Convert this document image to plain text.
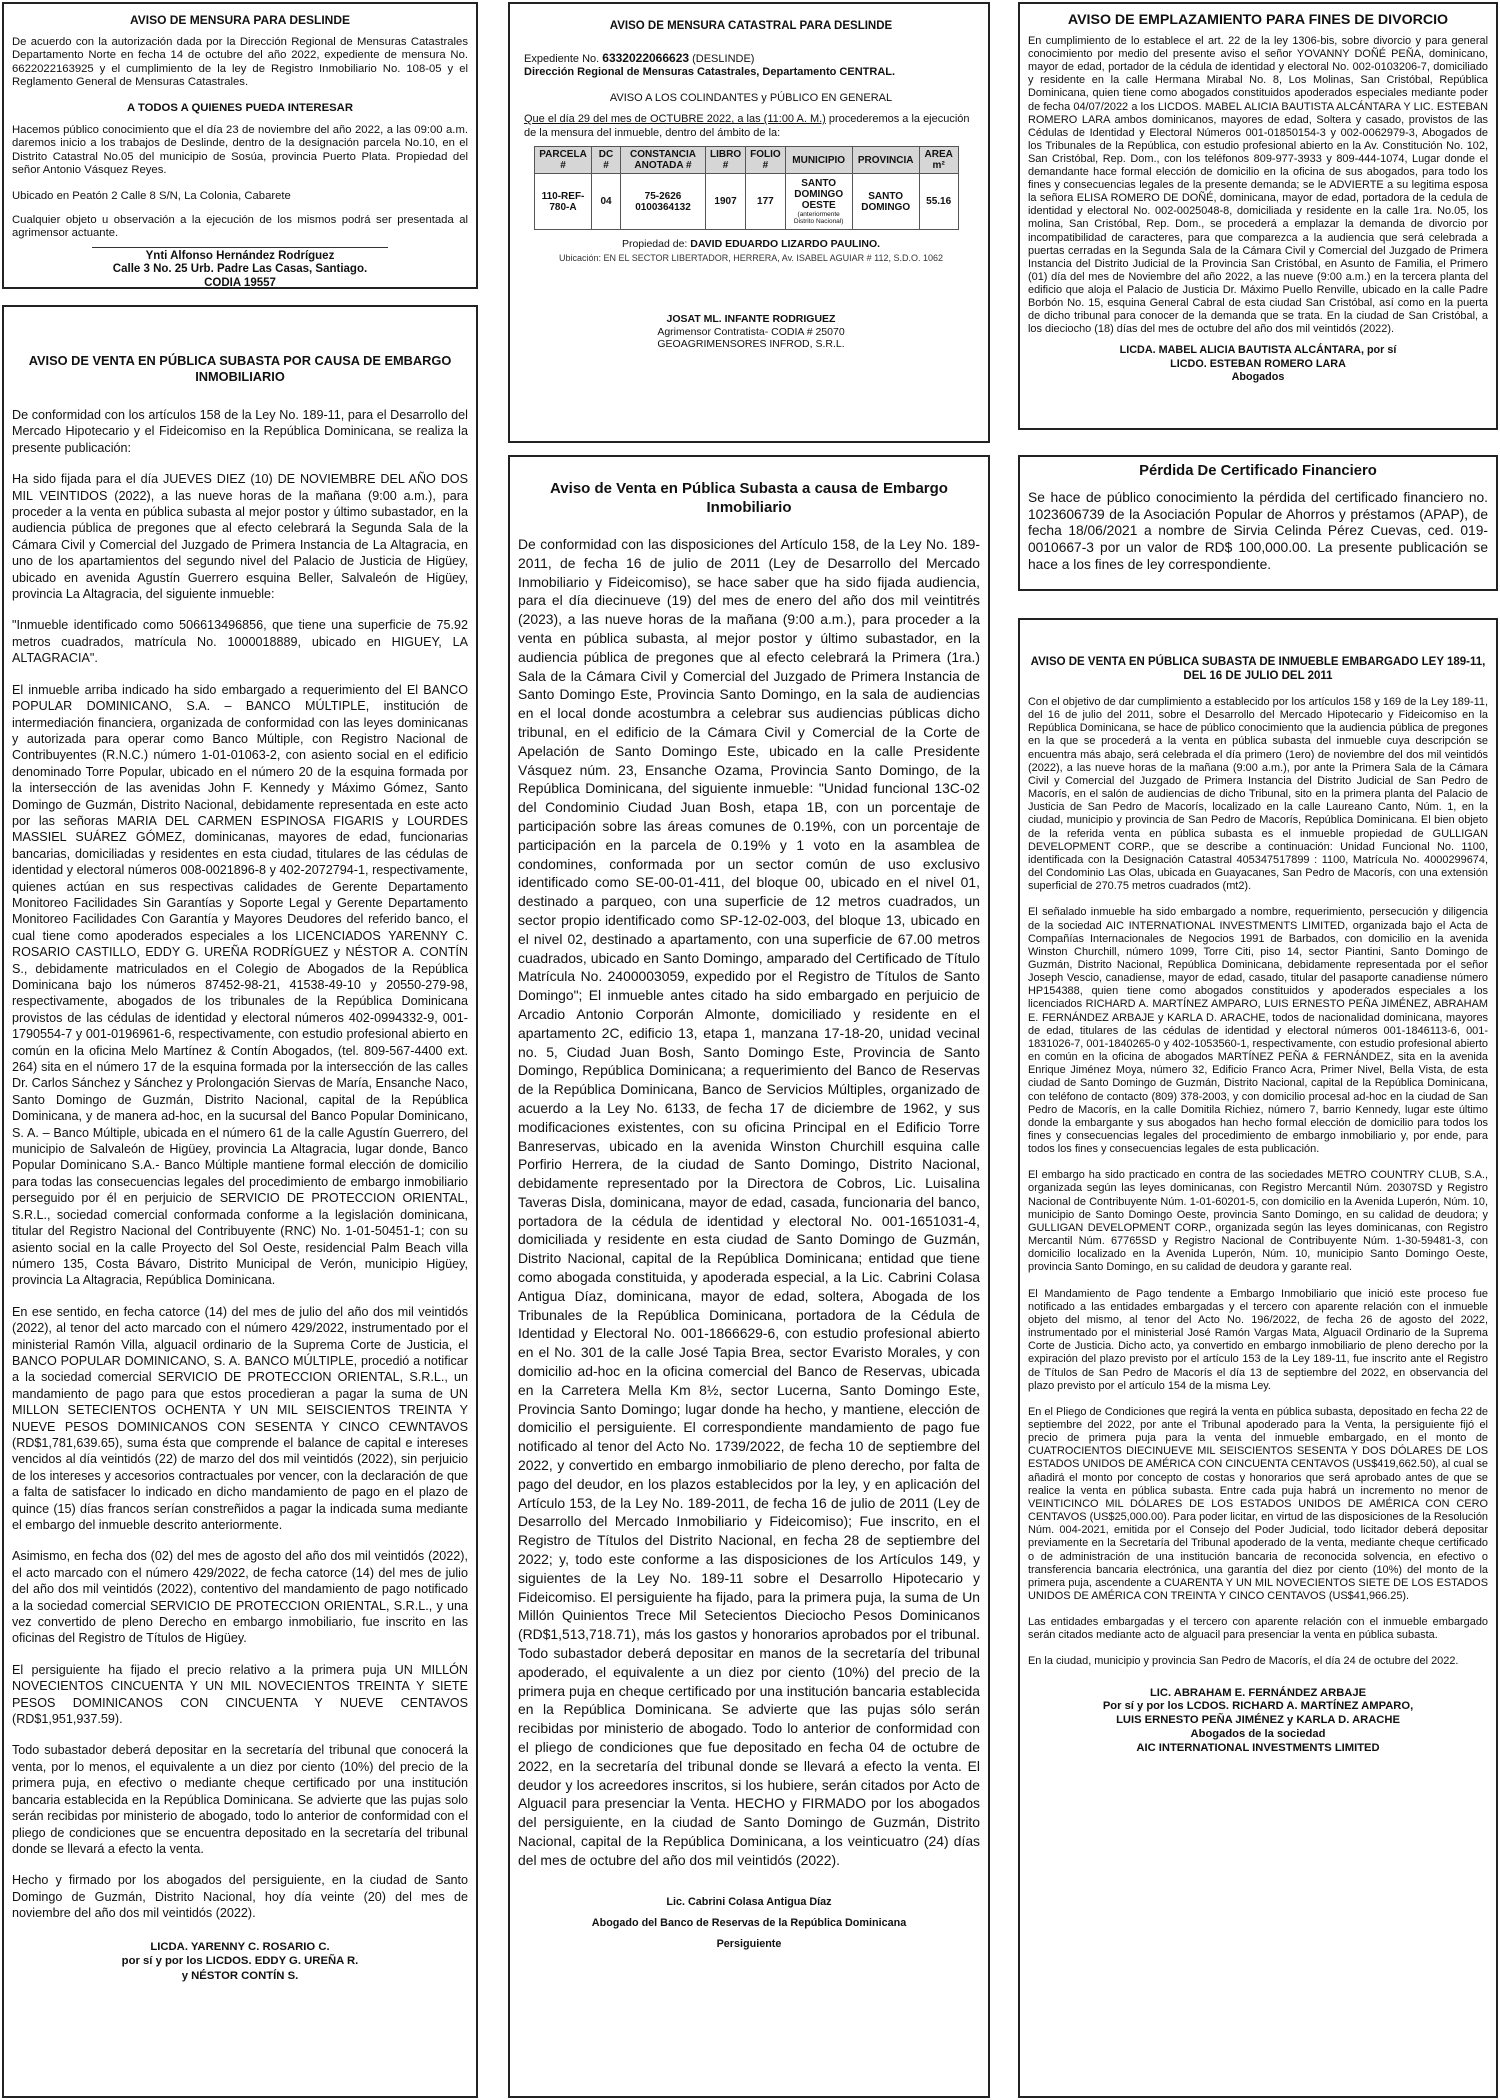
AVISO DE MENSURA PARA DESLINDE

De acuerdo con la autorización dada por la Dirección Regional de Mensuras Catastrales Departamento Norte en fecha 14 de octubre del año 2022, expediente de mensura No. 6622022163925 y el cumplimiento de la ley de Registro Inmobiliario No. 108-05 y el Reglamento General de Mensuras Catastrales.

A TODOS A QUIENES PUEDA INTERESAR

Hacemos público conocimiento que el día 23 de noviembre del año 2022, a las 09:00 a.m. daremos inicio a los trabajos de Deslinde, dentro de la designación parcela No.10, en el Distrito Catastral No.05 del municipio de Sosúa, provincia Puerto Plata. Propiedad del señor Antonio Vásquez Reyes.

Ubicado en Peatón 2 Calle 8 S/N, La Colonia, Cabarete

Cualquier objeto u observación a la ejecución de los mismos podrá ser presentada al agrimensor actuante.

Ynti Alfonso Hernández Rodríguez
Calle 3 No. 25 Urb. Padre Las Casas, Santiago.
CODIA 19557
AVISO DE VENTA EN PÚBLICA SUBASTA POR CAUSA DE EMBARGO INMOBILIARIO

De conformidad con los artículos 158 de la Ley No. 189-11, para el Desarrollo del Mercado Hipotecario y el Fideicomiso en la República Dominicana, se realiza la presente publicación:

Ha sido fijada para el día JUEVES DIEZ (10) DE NOVIEMBRE DEL AÑO DOS MIL VEINTIDOS (2022), a las nueve horas de la mañana (9:00 a.m.), para proceder a la venta en pública subasta al mejor postor y último subastador, en la audiencia pública de pregones que al efecto celebrará la Segunda Sala de la Cámara Civil y Comercial del Juzgado de Primera Instancia de La Altagracia, en uno de los apartamientos del segundo nivel del Palacio de Justicia de Higüey, ubicado en avenida Agustín Guerrero esquina Beller, Salvaleón de Higüey, provincia La Altagracia, del siguiente inmueble:

"Inmueble identificado como 506613496856, que tiene una superficie de 75.92 metros cuadrados, matrícula No. 1000018889, ubicado en HIGUEY, LA ALTAGRACIA".

El inmueble arriba indicado ha sido embargado a requerimiento del El BANCO POPULAR DOMINICANO, S.A. – BANCO MÚLTIPLE, institución de intermediación financiera, organizada de conformidad con las leyes dominicanas y autorizada para operar como Banco Múltiple, con Registro Nacional de Contribuyentes (R.N.C.) número 1-01-01063-2, con asiento social en el edificio denominado Torre Popular, ubicado en el número 20 de la esquina formada por la intersección de las avenidas John F. Kennedy y Máximo Gómez, Santo Domingo de Guzmán, Distrito Nacional, debidamente representada en este acto por las señoras MARIA DEL CARMEN ESPINOSA FIGARIS y LOURDES MASSIEL SUÁREZ GÓMEZ, dominicanas, mayores de edad, funcionarias bancarias, domiciliadas y residentes en esta ciudad, titulares de las cédulas de identidad y electoral números 008-0021896-8 y 402-2072794-1, respectivamente, quienes actúan en sus respectivas calidades de Gerente Departamento Monitoreo Facilidades Sin Garantías y Soporte Legal y Gerente Departamento Monitoreo Facilidades Con Garantía y Mayores Deudores del referido banco, el cual tiene como apoderados especiales a los LICENCIADOS YARENNY C. ROSARIO CASTILLO, EDDY G. UREÑA RODRÍGUEZ y NÉSTOR A. CONTÍN S., debidamente matriculados en el Colegio de Abogados de la República Dominicana bajo los números 87452-98-21, 41538-49-10 y 20550-279-98, respectivamente, abogados de los tribunales de la República Dominicana provistos de las cédulas de identidad y electoral números 402-0994332-9, 001-1790554-7 y 001-0196961-6, respectivamente, con estudio profesional abierto en común en la oficina Melo Martínez & Contín Abogados, (tel. 809-567-4400 ext. 264) sita en el número 17 de la esquina formada por la intersección de las calles Dr. Carlos Sánchez y Sánchez y Prolongación Siervas de María, Ensanche Naco, Santo Domingo de Guzmán, Distrito Nacional, capital de la República Dominicana, y de manera ad-hoc, en la sucursal del Banco Popular Dominicano, S. A. – Banco Múltiple, ubicada en el número 61 de la calle Agustín Guerrero, del municipio de Salvaleón de Higüey, provincia La Altagracia, lugar donde, Banco Popular Dominicano S.A.- Banco Múltiple mantiene formal elección de domicilio para todas las consecuencias legales del procedimiento de embargo inmobiliario perseguido por él en perjuicio de SERVICIO DE PROTECCION ORIENTAL, S.R.L., sociedad comercial conformada conforme a la legislación dominicana, titular del Registro Nacional del Contribuyente (RNC) No. 1-01-50451-1; con su asiento social en la calle Proyecto del Sol Oeste, residencial Palm Beach villa número 135, Costa Bávaro, Distrito Municipal de Verón, municipio Higüey, provincia La Altagracia, República Dominicana.

En ese sentido, en fecha catorce (14) del mes de julio del año dos mil veintidós (2022), al tenor del acto marcado con el número 429/2022, instrumentado por el ministerial Ramón Villa, alguacil ordinario de la Suprema Corte de Justicia, el BANCO POPULAR DOMINICANO, S. A. BANCO MÚLTIPLE, procedió a notificar a la sociedad comercial SERVICIO DE PROTECCION ORIENTAL, S.R.L., un mandamiento de pago para que estos procedieran a pagar la suma de UN MILLON SETECIENTOS OCHENTA Y UN MIL SEISCIENTOS TREINTA Y NUEVE PESOS DOMINICANOS CON SESENTA Y CINCO CEWNTAVOS (RD$1,781,639.65), suma ésta que comprende el balance de capital e intereses vencidos al día veintidós (22) de marzo del dos mil veintidós (2022), sin perjuicio de los intereses y accesorios contractuales por vencer, con la declaración de que a falta de satisfacer lo indicado en dicho mandamiento de pago en el plazo de quince (15) días francos serían constreñidos a pagar la indicada suma mediante el embargo del inmueble descrito anteriormente.

Asimismo, en fecha dos (02) del mes de agosto del año dos mil veintidós (2022), el acto marcado con el número 429/2022, de fecha catorce (14) del mes de julio del año dos mil veintidós (2022), contentivo del mandamiento de pago notificado a la sociedad comercial SERVICIO DE PROTECCION ORIENTAL, S.R.L., y una vez convertido de pleno Derecho en embargo inmobiliario, fue inscrito en las oficinas del Registro de Títulos de Higüey.

El persiguiente ha fijado el precio relativo a la primera puja UN MILLÓN NOVECIENTOS CINCUENTA Y UN MIL NOVECIENTOS TREINTA Y SIETE PESOS DOMINICANOS CON CINCUENTA Y NUEVE CENTAVOS (RD$1,951,937.59).

Todo subastador deberá depositar en la secretaría del tribunal que conocerá la venta, por lo menos, el equivalente a un diez por ciento (10%) del precio de la primera puja, en efectivo o mediante cheque certificado por una institución bancaria establecida en la República Dominicana. Se advierte que las pujas solo serán recibidas por ministerio de abogado, todo lo anterior de conformidad con el pliego de condiciones que se encuentra depositado en la secretaría del tribunal donde se llevará a efecto la venta.

Hecho y firmado por los abogados del persiguiente, en la ciudad de Santo Domingo de Guzmán, Distrito Nacional, hoy día veinte (20) del mes de noviembre del año dos mil veintidós (2022).

LICDA. YARENNY C. ROSARIO C.
por sí y por los LICDOS. EDDY G. UREÑA R.
y NÉSTOR CONTÍN S.
AVISO DE MENSURA CATASTRAL PARA DESLINDE

Expediente No. 6332022066623 (DESLINDE)

Dirección Regional de Mensuras Catastrales, Departamento CENTRAL.

AVISO A LOS COLINDANTES y PÚBLICO EN GENERAL

Que el día 29 del mes de OCTUBRE 2022, a las (11:00 A. M.) procederemos a la ejecución de la mensura del inmueble, dentro del ámbito de la:

PARCELA #	DC #	CONSTANCIA ANOTADA #	LIBRO #	FOLIO #	MUNICIPIO	PROVINCIA	AREA m²
110-REF-780-A	04	75-2626 0100364132	1907	177	SANTO DOMINGO OESTE
(anteriormente Distrito Nacional)	SANTO DOMINGO	55.16
Propiedad de: DAVID EDUARDO LIZARDO PAULINO.
Ubicación: EN EL SECTOR LIBERTADOR, HERRERA, Av. ISABEL AGUIAR # 112, S.D.O. 1062
JOSAT ML. INFANTE RODRIGUEZ
Agrimensor Contratista- CODIA # 25070
GEOAGRIMENSORES INFROD, S.R.L.
Aviso de Venta en Pública Subasta a causa de Embargo Inmobiliario

De conformidad con las disposiciones del Artículo 158, de la Ley No. 189-2011, de fecha 16 de julio de 2011 (Ley de Desarrollo del Mercado Inmobiliario y Fideicomiso), se hace saber que ha sido fijada audiencia, para el día diecinueve (19) del mes de enero del año dos mil veintitrés (2023), a las nueve horas de la mañana (9:00 a.m.), para proceder a la venta en pública subasta, al mejor postor y último subastador, en la audiencia pública de pregones que al efecto celebrará la Primera (1ra.) Sala de la Cámara Civil y Comercial del Juzgado de Primera Instancia de Santo Domingo Este, Provincia Santo Domingo, en la sala de audiencias en el local donde acostumbra a celebrar sus audiencias públicas dicho tribunal, en el edificio de la Cámara Civil y Comercial de la Corte de Apelación de Santo Domingo Este, ubicado en la calle Presidente Vásquez núm. 23, Ensanche Ozama, Provincia Santo Domingo, de la República Dominicana, del siguiente inmueble: "Unidad funcional 13C-02 del Condominio Ciudad Juan Bosh, etapa 1B, con un porcentaje de participación sobre las áreas comunes de 0.19%, con un porcentaje de participación en la parcela de 0.19% y 1 voto en la asamblea de condomines, conformada por un sector común de uso exclusivo identificado como SE-00-01-411, del bloque 00, ubicado en el nivel 01, destinado a parqueo, con una superficie de 12 metros cuadrados, un sector propio identificado como SP-12-02-003, del bloque 13, ubicado en el nivel 02, destinado a apartamento, con una superficie de 67.00 metros cuadrados, ubicado en Santo Domingo, amparado del Certificado de Título Matrícula No. 2400003059, expedido por el Registro de Títulos de Santo Domingo"; El inmueble antes citado ha sido embargado en perjuicio de Arcadio Antonio Corporán Almonte, domiciliado y residente en el apartamento 2C, edificio 13, etapa 1, manzana 17-18-20, unidad vecinal no. 5, Ciudad Juan Bosh, Santo Domingo Este, Provincia de Santo Domingo, República Dominicana; a requerimiento del Banco de Reservas de la República Dominicana, Banco de Servicios Múltiples, organizado de acuerdo a la Ley No. 6133, de fecha 17 de diciembre de 1962, y sus modificaciones existentes, con su oficina Principal en el Edificio Torre Banreservas, ubicado en la avenida Winston Churchill esquina calle Porfirio Herrera, de la ciudad de Santo Domingo, Distrito Nacional, debidamente representado por la Directora de Cobros, Lic. Luisalina Taveras Disla, dominicana, mayor de edad, casada, funcionaria del banco, portadora de la cédula de identidad y electoral No. 001-1651031-4, domiciliada y residente en esta ciudad de Santo Domingo de Guzmán, Distrito Nacional, capital de la República Dominicana; entidad que tiene como abogada constituida, y apoderada especial, a la Lic. Cabrini Colasa Antigua Díaz, dominicana, mayor de edad, soltera, Abogada de los Tribunales de la República Dominicana, portadora de la Cédula de Identidad y Electoral No. 001-1866629-6, con estudio profesional abierto en el No. 301 de la calle José Tapia Brea, sector Evaristo Morales, y con domicilio ad-hoc en la oficina comercial del Banco de Reservas, ubicada en la Carretera Mella Km 8½, sector Lucerna, Santo Domingo Este, Provincia Santo Domingo; lugar donde ha hecho, y mantiene, elección de domicilio el persiguiente. El correspondiente mandamiento de pago fue notificado al tenor del Acto No. 1739/2022, de fecha 10 de septiembre del 2022, y convertido en embargo inmobiliario de pleno derecho, por falta de pago del deudor, en los plazos establecidos por la ley, y en aplicación del Artículo 153, de la Ley No. 189-2011, de fecha 16 de julio de 2011 (Ley de Desarrollo del Mercado Inmobiliario y Fideicomiso); Fue inscrito, en el Registro de Títulos del Distrito Nacional, en fecha 28 de septiembre del 2022; y, todo este conforme a las disposiciones de los Artículos 149, y siguientes de la Ley No. 189-11 sobre el Desarrollo Hipotecario y Fideicomiso. El persiguiente ha fijado, para la primera puja, la suma de Un Millón Quinientos Trece Mil Setecientos Dieciocho Pesos Dominicanos (RD$1,513,718.71), más los gastos y honorarios aprobados por el tribunal. Todo subastador deberá depositar en manos de la secretaría del tribunal apoderado, el equivalente a un diez por ciento (10%) del precio de la primera puja en cheque certificado por una institución bancaria establecida en la República Dominicana. Se advierte que las pujas sólo serán recibidas por ministerio de abogado. Todo lo anterior de conformidad con el pliego de condiciones que fue depositado en fecha 04 de octubre de 2022, en la secretaría del tribunal donde se llevará a efecto la venta. El deudor y los acreedores inscritos, si los hubiere, serán citados por Acto de Alguacil para presenciar la Venta. HECHO y FIRMADO por los abogados del persiguiente, en la ciudad de Santo Domingo de Guzmán, Distrito Nacional, capital de la República Dominicana, a los veinticuatro (24) días del mes de octubre del año dos mil veintidós (2022).

Lic. Cabrini Colasa Antigua Díaz
Abogado del Banco de Reservas de la República Dominicana
Persiguiente
AVISO DE EMPLAZAMIENTO PARA FINES DE DIVORCIO

En cumplimiento de lo establece el art. 22 de la ley 1306-bis, sobre divorcio y para general conocimiento por medio del presente aviso el señor YOVANNY DOÑÉ PEÑA, dominicano, mayor de edad, portador de la cédula de identidad y electoral No. 002-0103206-7, domiciliado y residente en la calle Hermana Mirabal No. 8, Los Molinas, San Cristóbal, República Dominicana, quien tiene como abogados constituidos apoderados especiales mediante poder de fecha 04/07/2022 a los LICDOS. MABEL ALICIA BAUTISTA ALCÁNTARA Y LIC. ESTEBAN ROMERO LARA ambos dominicanos, mayores de edad, Soltera y casado, provistos de las Cédulas de Identidad y Electoral Números 001-01850154-3 y 002-0062979-3, Abogados de los Tribunales de la República, con estudio profesional abierto en la Av. Constitución No. 102, San Cristóbal, Rep. Dom., con los teléfonos 809-977-3933 y 809-444-1074, Lugar donde el demandante hace formal elección de domicilio en la oficina de sus abogados, para todo los fines y consecuencias legales de la presente demanda; se le ADVIERTE a su legitima esposa la señora ELISA ROMERO DE DOÑÉ, dominicana, mayor de edad, portadora de la cedula de identidad y electoral No. 002-0025048-8, domiciliada y residente en la calle 1ra. No.05, los molina, San Cristóbal, Rep. Dom., se procederá a emplazar la demanda de divorcio por incompatibilidad de caracteres, para que comparezca a la audiencia que será celebrada a puertas cerradas en la Segunda Sala de la Cámara Civil y Comercial del Juzgado de Primera Instancia del Distrito Judicial de la Provincia San Cristóbal, en Asunto de Familia, el Primero (01) día del mes de Noviembre del año 2022, a las nueve (9:00 a.m.) en la tercera planta del edificio que aloja el Palacio de Justicia Dr. Máximo Puello Renville, ubicado en la calle Padre Borbón No. 15, esquina General Cabral de esta ciudad San Cristóbal, así como en la puerta de dicho tribunal para conocer de la demanda que se trata. En la ciudad de San Cristóbal, a los dieciocho (18) días del mes de octubre del año dos mil veintidós (2022).

LICDA. MABEL ALICIA BAUTISTA ALCÁNTARA, por sí
LICDO. ESTEBAN ROMERO LARA
Abogados
Pérdida De Certificado Financiero

Se hace de público conocimiento la pérdida del certificado financiero no. 1023606739 de la Asociación Popular de Ahorros y préstamos (APAP), de fecha 18/06/2021 a nombre de Sirvia Celinda Pérez Cuevas, ced. 019-0010667-3 por un valor de RD$ 100,000.00. La presente publicación se hace a los fines de ley correspondiente.

AVISO DE VENTA EN PÚBLICA SUBASTA DE INMUEBLE EMBARGADO LEY 189-11, DEL 16 DE JULIO DEL 2011

Con el objetivo de dar cumplimiento a establecido por los artículos 158 y 169 de la Ley 189-11, del 16 de julio del 2011, sobre el Desarrollo del Mercado Hipotecario y Fideicomiso en la República Dominicana, se hace de público conocimiento que la audiencia pública de pregones en la que se procederá a la venta en pública subasta del inmueble cuya descripción se encuentra más abajo, será celebrada el día primero (1ero) de noviembre del dos mil veintidós (2022), a las nueve horas de la mañana (9:00 a.m.), por ante la Primera Sala de la Cámara Civil y Comercial del Juzgado de Primera Instancia del Distrito Judicial de San Pedro de Macorís, en el salón de audiencias de dicho Tribunal, sito en la primera planta del Palacio de Justicia de San Pedro de Macorís, localizado en la calle Laureano Canto, Núm. 1, en la ciudad, municipio y provincia de San Pedro de Macorís, República Dominicana. El bien objeto de la referida venta en pública subasta es el inmueble propiedad de GULLIGAN DEVELOPMENT CORP., que se describe a continuación: Unidad Funcional No. 1100, identificada con la Designación Catastral 405347517899 : 1100, Matrícula No. 4000299674, del Condominio Las Olas, ubicada en Guayacanes, San Pedro de Macorís, con una extensión superficial de 270.75 metros cuadrados (mt2).

El señalado inmueble ha sido embargado a nombre, requerimiento, persecución y diligencia de la sociedad AIC INTERNATIONAL INVESTMENTS LIMITED, organizada bajo el Acta de Compañías Internacionales de Negocios 1991 de Barbados, con domicilio en la avenida Winston Churchill, número 1099, Torre Citi, piso 14, sector Piantini, Santo Domingo de Guzmán, Distrito Nacional, República Dominicana, debidamente representada por el señor Joseph Vescio, canadiense, mayor de edad, casado, titular del pasaporte canadiense número HP154388, quien tiene como abogados constituidos y apoderados especiales a los licenciados RICHARD A. MARTÍNEZ AMPARO, LUIS ERNESTO PEÑA JIMÉNEZ, ABRAHAM E. FERNÁNDEZ ARBAJE y KARLA D. ARACHE, todos de nacionalidad dominicana, mayores de edad, titulares de las cédulas de identidad y electoral números 001-1846113-6, 001-1831026-7, 001-1840265-0 y 402-1053560-1, respectivamente, con estudio profesional abierto en común en la oficina de abogados MARTÍNEZ PEÑA & FERNÁNDEZ, sita en la avenida Enrique Jiménez Moya, número 32, Edificio Franco Acra, Primer Nivel, Bella Vista, de esta ciudad de Santo Domingo de Guzmán, Distrito Nacional, capital de la República Dominicana, con teléfono de contacto (809) 378-2003, y con domicilio procesal ad-hoc en la ciudad de San Pedro de Macorís, en la calle Domitila Richiez, número 7, barrio Kennedy, lugar este último donde la embargante y sus abogados han hecho formal elección de domicilio para todos los fines y consecuencias legales del procedimiento de embargo inmobiliario y, por ende, para todos los fines y consecuencias legales de esta publicación.

El embargo ha sido practicado en contra de las sociedades METRO COUNTRY CLUB, S.A., organizada según las leyes dominicanas, con Registro Mercantil Núm. 20307SD y Registro Nacional de Contribuyente Núm. 1-01-60201-5, con domicilio en la Avenida Luperón, Núm. 10, municipio de Santo Domingo Oeste, provincia Santo Domingo, en su calidad de deudora; y GULLIGAN DEVELOPMENT CORP., organizada según las leyes dominicanas, con Registro Mercantil Núm. 67765SD y Registro Nacional de Contribuyente Núm. 1-30-59481-3, con domicilio localizado en la Avenida Luperón, Núm. 10, municipio Santo Domingo Oeste, provincia Santo Domingo, en su calidad de deudora y garante real.

El Mandamiento de Pago tendente a Embargo Inmobiliario que inició este proceso fue notificado a las entidades embargadas y el tercero con aparente relación con el inmueble objeto del mismo, al tenor del Acto No. 196/2022, de fecha 26 de agosto del 2022, instrumentado por el ministerial José Ramón Vargas Mata, Alguacil Ordinario de la Suprema Corte de Justicia. Dicho acto, ya convertido en embargo inmobiliario de pleno derecho por la expiración del plazo previsto por el artículo 153 de la Ley 189-11, fue inscrito ante el Registro de Títulos de San Pedro de Macorís el día 13 de septiembre del 2022, en observancia del plazo previsto por el artículo 154 de la misma Ley.

En el Pliego de Condiciones que regirá la venta en pública subasta, depositado en fecha 22 de septiembre del 2022, por ante el Tribunal apoderado para la Venta, la persiguiente fijó el precio de primera puja para la venta del inmueble embargado, en el monto de CUATROCIENTOS DIECINUEVE MIL SEISCIENTOS SESENTA Y DOS DÓLARES DE LOS ESTADOS UNIDOS DE AMÉRICA CON CINCUENTA CENTAVOS (US$419,662.50), al cual se añadirá el monto por concepto de costas y honorarios que será aprobado antes de que se realice la venta en pública subasta. Entre cada puja habrá un incremento no menor de VEINTICINCO MIL DÓLARES DE LOS ESTADOS UNIDOS DE AMÉRICA CON CERO CENTAVOS (US$25,000.00). Para poder licitar, en virtud de las disposiciones de la Resolución Núm. 004-2021, emitida por el Consejo del Poder Judicial, todo licitador deberá depositar previamente en la Secretaría del Tribunal apoderado de la venta, mediante cheque certificado o de administración de una institución bancaria de reconocida solvencia, en efectivo o transferencia bancaria electrónica, una garantía del diez por ciento (10%) del monto de la primera puja, ascendente a CUARENTA Y UN MIL NOVECIENTOS SIETE DE LOS ESTADOS UNIDOS DE AMÉRICA CON TREINTA Y CINCO CENTAVOS (US$41,966.25).

Las entidades embargadas y el tercero con aparente relación con el inmueble embargado serán citados mediante acto de alguacil para presenciar la venta en pública subasta.

En la ciudad, municipio y provincia San Pedro de Macorís, el día 24 de octubre del 2022.

LIC. ABRAHAM E. FERNÁNDEZ ARBAJE
Por sí y por los LCDOS. RICHARD A. MARTÍNEZ AMPARO,
LUIS ERNESTO PEÑA JIMÉNEZ y KARLA D. ARACHE
Abogados de la sociedad
AIC INTERNATIONAL INVESTMENTS LIMITED
